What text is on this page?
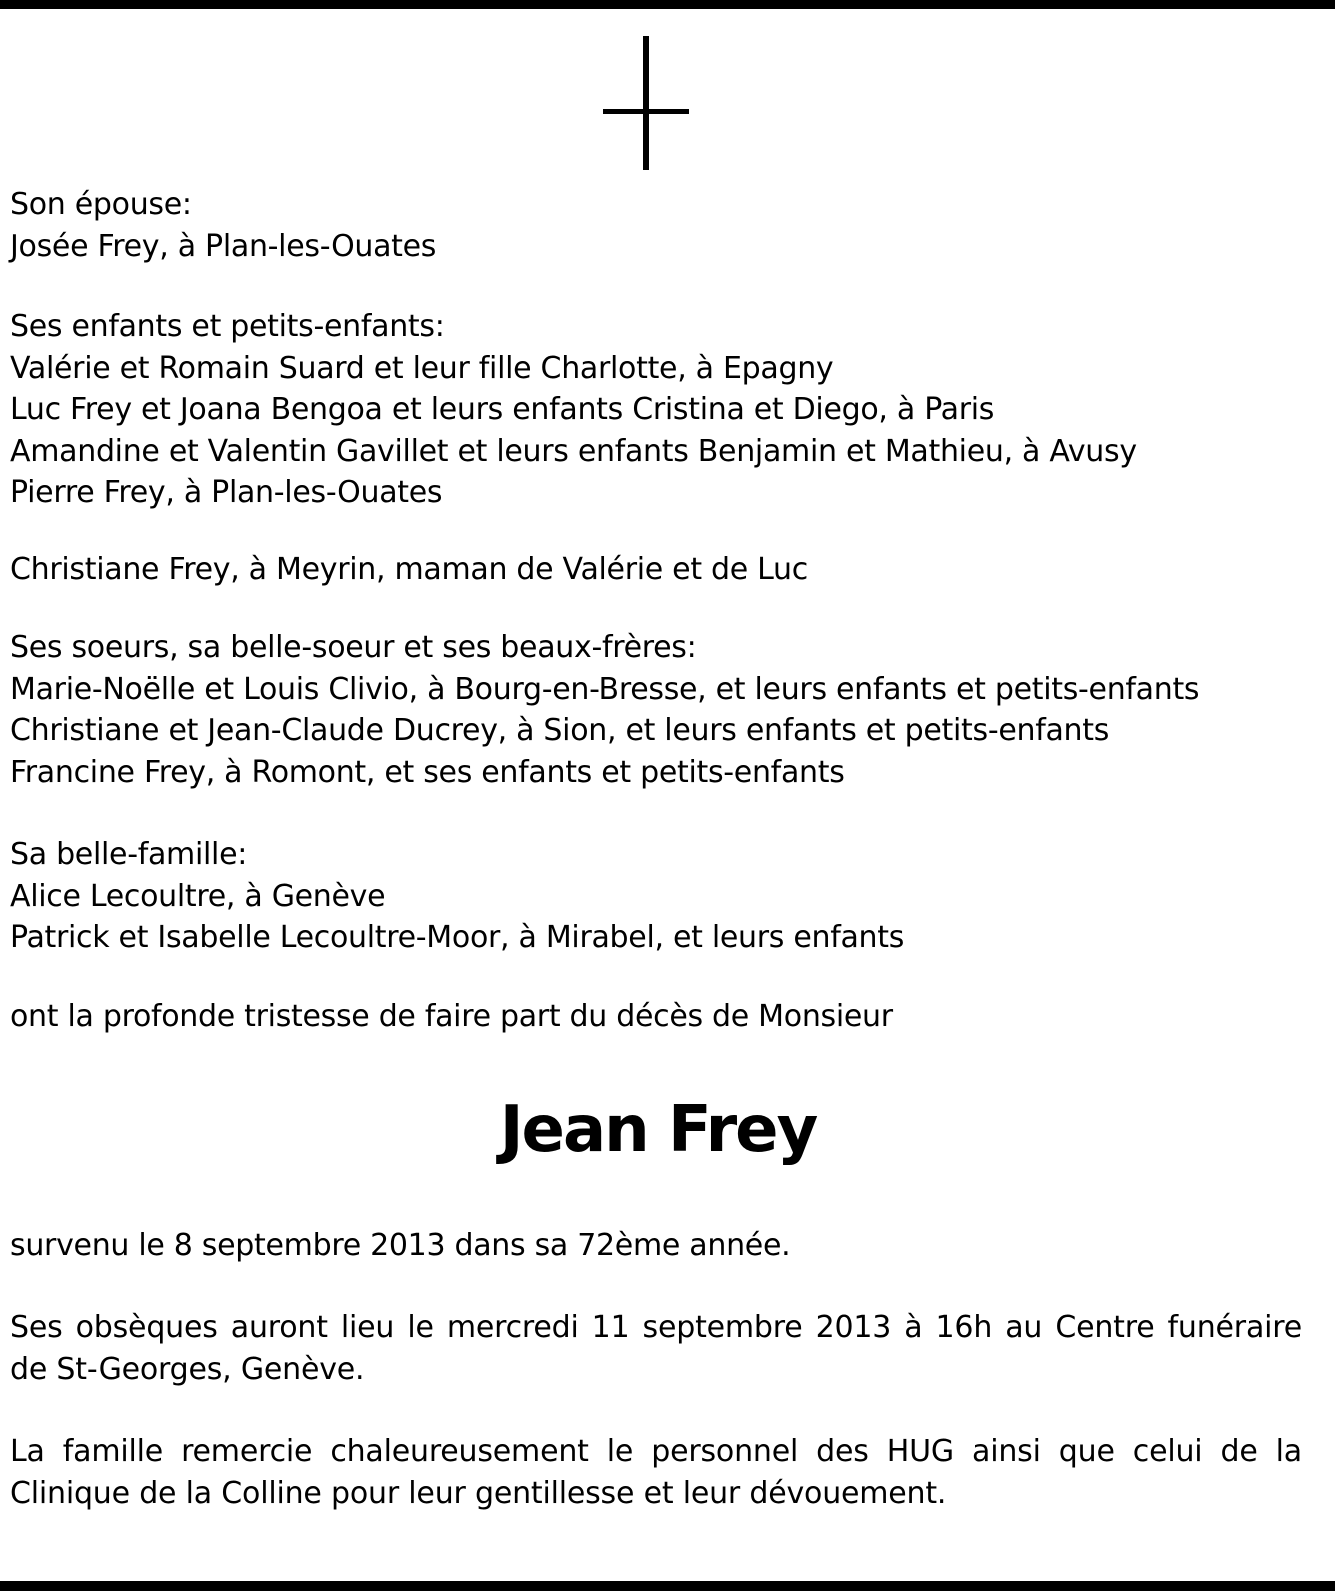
Son épouse:
Josée Frey, à Plan-les-Ouates
Ses enfants et petits-enfants:
Valérie et Romain Suard et leur fille Charlotte, à Epagny
Luc Frey et Joana Bengoa et leurs enfants Cristina et Diego, à Paris
Amandine et Valentin Gavillet et leurs enfants Benjamin et Mathieu, à Avusy
Pierre Frey, à Plan-les-Ouates
Christiane Frey, à Meyrin, maman de Valérie et de Luc
Ses soeurs, sa belle-soeur et ses beaux-frères:
Marie-Noëlle et Louis Clivio, à Bourg-en-Bresse, et leurs enfants et petits-enfants
Christiane et Jean-Claude Ducrey, à Sion, et leurs enfants et petits-enfants
Francine Frey, à Romont, et ses enfants et petits-enfants
Sa belle-famille:
Alice Lecoultre, à Genève
Patrick et Isabelle Lecoultre-Moor, à Mirabel, et leurs enfants
ont la profonde tristesse de faire part du décès de Monsieur
Jean Frey
survenu le 8 septembre 2013 dans sa 72ème année.
Ses obsèques auront lieu le mercredi 11 septembre 2013 à 16h au Centre funéraire
de St-Georges, Genève.
La famille remercie chaleureusement le personnel des HUG ainsi que celui de la
Clinique de la Colline pour leur gentillesse et leur dévouement.
